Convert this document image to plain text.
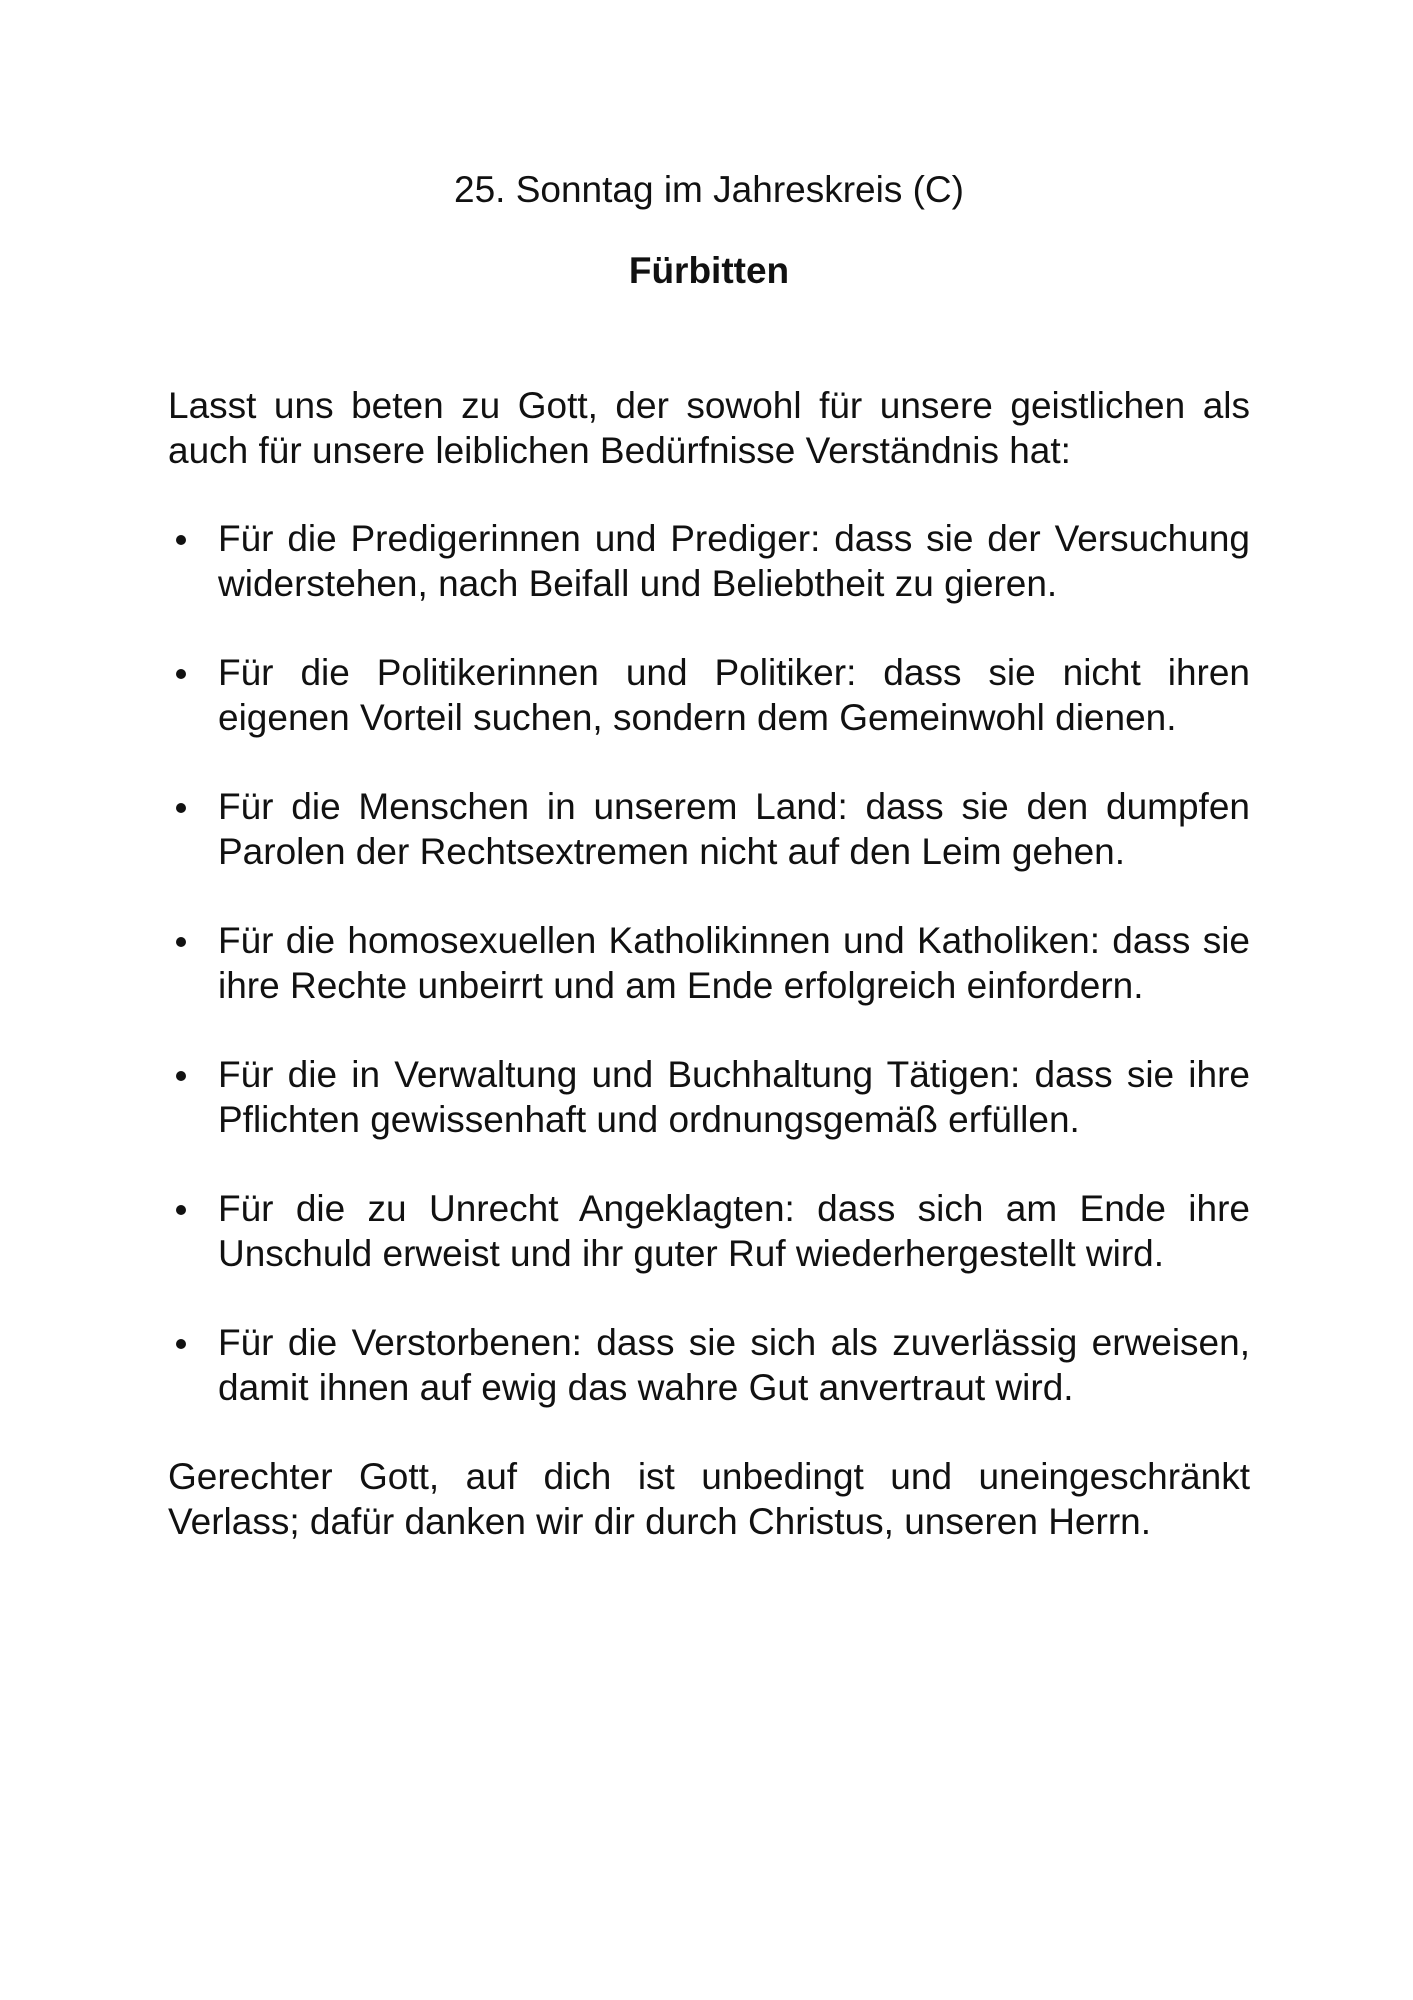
25. Sonntag im Jahreskreis (C)

Fürbitten

Lasst uns beten zu Gott, der sowohl für unsere geistlichen als auch für unsere leiblichen Bedürfnisse Verständnis hat:

Für die Predigerinnen und Prediger: dass sie der Versuchung widerstehen, nach Beifall und Beliebtheit zu gieren.
Für die Politikerinnen und Politiker: dass sie nicht ihren eigenen Vorteil suchen, sondern dem Gemeinwohl dienen.
Für die Menschen in unserem Land: dass sie den dumpfen Parolen der Rechtsextremen nicht auf den Leim gehen.
Für die homosexuellen Katholikinnen und Katholiken: dass sie ihre Rechte unbeirrt und am Ende erfolgreich einfordern.
Für die in Verwaltung und Buchhaltung Tätigen: dass sie ihre Pflichten gewissenhaft und ordnungsgemäß erfüllen.
Für die zu Unrecht Angeklagten: dass sich am Ende ihre Unschuld erweist und ihr guter Ruf wiederhergestellt wird.
Für die Verstorbenen: dass sie sich als zuverlässig erweisen, damit ihnen auf ewig das wahre Gut anvertraut wird.

Gerechter Gott, auf dich ist unbedingt und uneingeschränkt Verlass; dafür danken wir dir durch Christus, unseren Herrn.
